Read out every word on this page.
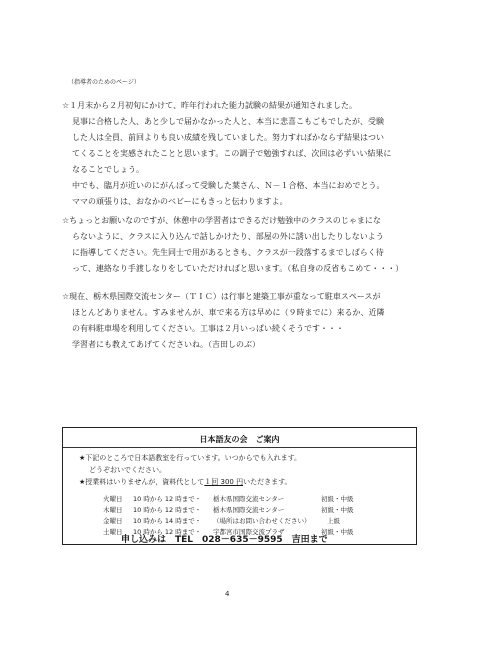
（指導者のためのページ）
☆１月末から２月初旬にかけて、昨年行われた能力試験の結果が通知されました。
見事に合格した人、あと少しで届かなかった人と、本当に悲喜こもごもでしたが、受験
した人は全員、前回よりも良い成績を残していました。努力すればかならず結果はつい
てくることを実感されたことと思います。この調子で勉強すれば、次回は必ずいい結果に
なることでしょう。
中でも、臨月が近いのにがんばって受験した葉さん、Ｎ－１合格、本当におめでとう。
ママの頑張りは、おなかのベビーにもきっと伝わりますよ。
☆ちょっとお願いなのですが、休憩中の学習者はできるだけ勉強中のクラスのじゃまにな
らないように、クラスに入り込んで話しかけたり、部屋の外に誘い出したりしないよう
に指導してください。先生同士で用があるときも、クラスが一段落するまでしばらく待
って、連絡なり手渡しなりをしていただければと思います。（私自身の反省もこめて・・・）
☆現在、栃木県国際交流センター（ＴＩＣ）は行事と建築工事が重なって駐車スペースが
ほとんどありません。すみませんが、車で来る方は早めに（９時までに）来るか、近隣
の有料駐車場を利用してください。工事は２月いっぱい続くそうです・・・
学習者にも教えてあげてくださいね。（吉田しのぶ）
日本語友の会　ご案内
★下記のところで日本語教室を行っています。いつからでも入れます。
どうぞおいでください。
★授業料はいりませんが，資料代として１回 300 円いただきます。
火曜日 10 時から 12 時まで・ 栃木県国際交流センター	初級・中級
木曜日 10 時から 12 時まで・ 栃木県国際交流センター	初級・中級
金曜日 10 時から 14 時まで・ （場所はお問い合わせください）	上級
土曜日 10 時から 12 時まで・ 宇都宮市国際交流プラザ	初級・中級
申し込みは　TEL　028－635－9595　吉田まで
4
